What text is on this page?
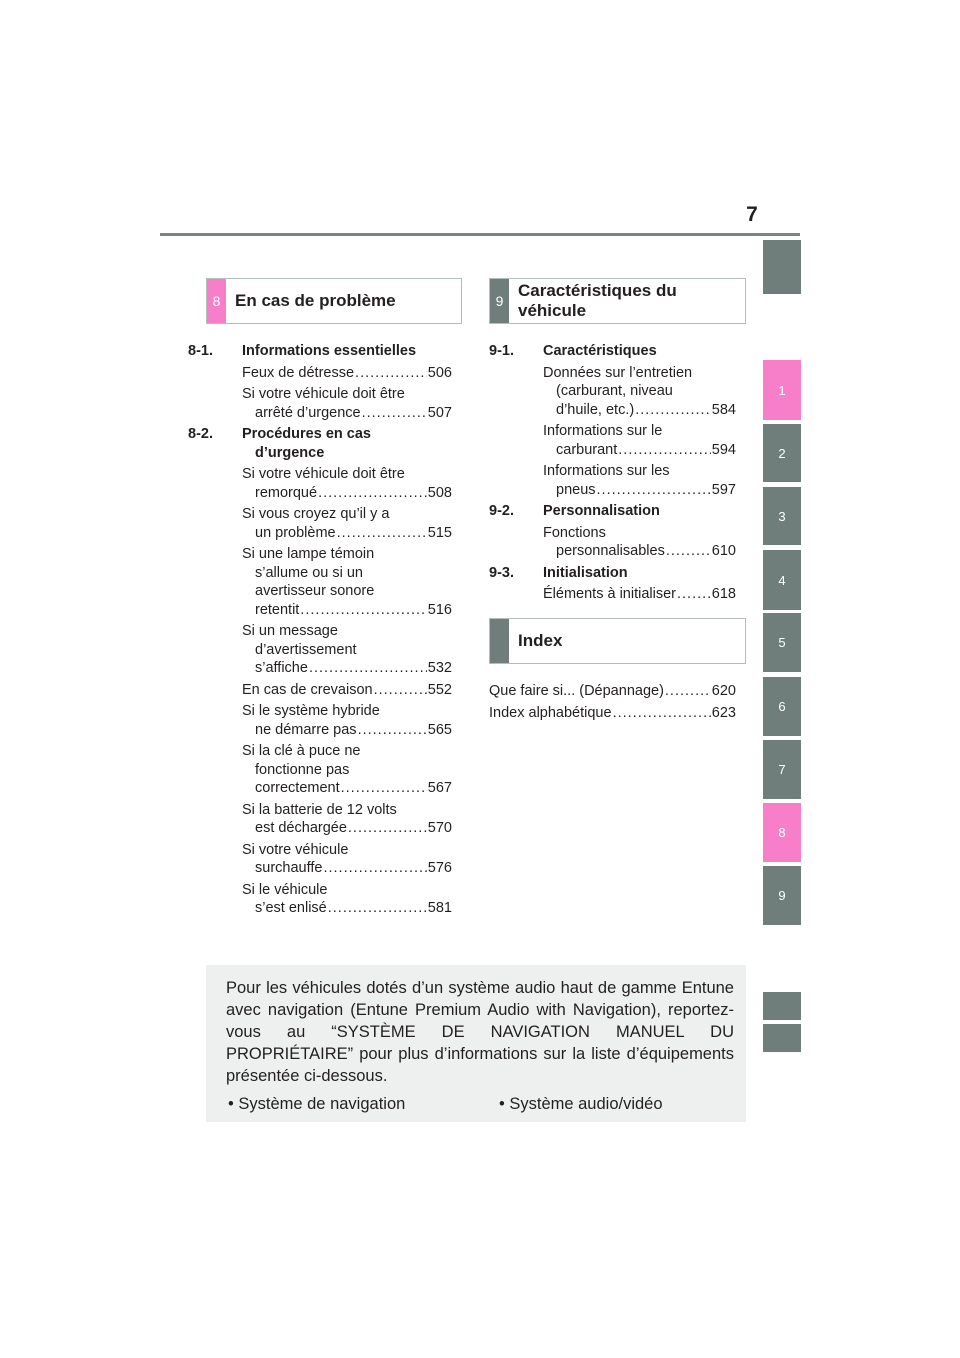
7
1
2
3
4
5
6
7
8
9
8 En cas de problème	9
Caractéristiques du
véhicule
8-1. Informations essentielles
Feux de détresse .....	506
Si votre véhicule doit être
arrêté d’urgence .....	507
8-2. Procédures en cas
d’urgence
Si votre véhicule doit être
remorqué .....	508
Si vous croyez qu’il y a
un problème .....	515
Si une lampe témoin
s’allume ou si un
avertisseur sonore
retentit .....	516
Si un message
d’avertissement
s’affiche .....	532
En cas de crevaison .....	552
Si le système hybride
ne démarre pas .....	565
Si la clé à puce ne
fonctionne pas
correctement .....	567
Si la batterie de 12 volts
est déchargée .....	570
Si votre véhicule
surchauffe .....	576
Si le véhicule
s’est enlisé .....	581
9-1. Caractéristiques
Données sur l’entretien
(carburant, niveau
d’huile, etc.) .....	584
Informations sur le
carburant .....	594
Informations sur les
pneus .....	597
9-2. Personnalisation
Fonctions
personnalisables .....	610
9-3. Initialisation
Éléments à initialiser ..... 618
Index
Que faire si... (Dépannage) .....	620
Index alphabétique .....	623
Pour les véhicules dotés d’un système audio haut de gamme Entune avec navigation (Entune Premium Audio with Navigation), reportez-vous au “SYSTÈME DE NAVIGATION MANUEL DU PROPRIÉTAIRE” pour plus d’informations sur la liste d’équipements présentée ci-dessous.
• Système de navigation	• Système audio/vidéo
